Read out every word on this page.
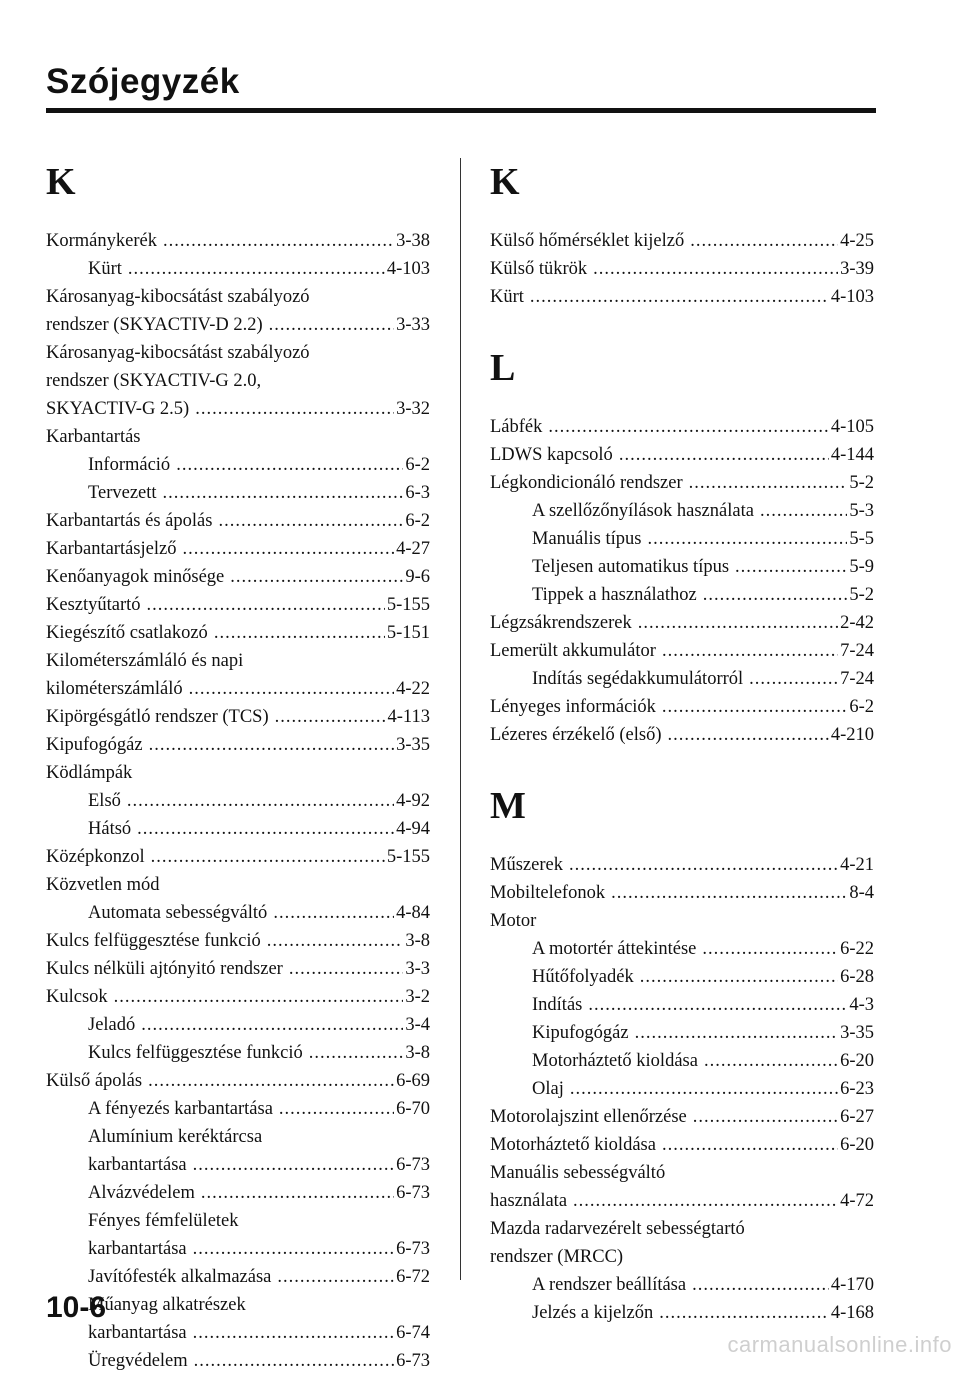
Szójegyzék
K
Kormánykerék .....	3-38
Kürt .....	4-103
Károsanyag-kibocsátást szabályozó
rendszer (SKYACTIV-D 2.2) .....	3-33
Károsanyag-kibocsátást szabályozó
rendszer (SKYACTIV-G 2.0,
SKYACTIV-G 2.5) .....	3-32
Karbantartás
Információ .....	6-2
Tervezett .....	6-3
Karbantartás és ápolás .....	6-2
Karbantartásjelző .....	4-27
Kenőanyagok minősége .....	9-6
Kesztyűtartó .....	5-155
Kiegészítő csatlakozó .....	5-151
Kilométerszámláló és napi
kilométerszámláló .....	4-22
Kipörgésgátló rendszer (TCS) .....	4-113
Kipufogógáz .....	3-35
Ködlámpák
Első .....	4-92
Hátsó .....	4-94
Középkonzol .....	5-155
Közvetlen mód
Automata sebességváltó .....	4-84
Kulcs felfüggesztése funkció .....	3-8
Kulcs nélküli ajtónyitó rendszer .....	3-3
Kulcsok .....	3-2
Jeladó .....	3-4
Kulcs felfüggesztése funkció .....	3-8
Külső ápolás .....	6-69
A fényezés karbantartása .....	6-70
Alumínium keréktárcsa
karbantartása .....	6-73
Alvázvédelem .....	6-73
Fényes fémfelületek
karbantartása .....	6-73
Javítófesték alkalmazása .....	6-72
Műanyag alkatrészek
karbantartása .....	6-74
Üregvédelem .....	6-73
K
Külső hőmérséklet kijelző .....	4-25
Külső tükrök .....	3-39
Kürt .....	4-103
L
Lábfék .....	4-105
LDWS kapcsoló .....	4-144
Légkondicionáló rendszer .....	5-2
A szellőzőnyílások használata .....	5-3
Manuális típus .....	5-5
Teljesen automatikus típus .....	5-9
Tippek a használathoz .....	5-2
Légzsákrendszerek .....	2-42
Lemerült akkumulátor .....	7-24
Indítás segédakkumulátorról .....	7-24
Lényeges információk .....	6-2
Lézeres érzékelő (első) .....	4-210
M
Műszerek .....	4-21
Mobiltelefonok .....	8-4
Motor
A motortér áttekintése .....	6-22
Hűtőfolyadék .....	6-28
Indítás .....	4-3
Kipufogógáz .....	3-35
Motorháztető kioldása .....	6-20
Olaj .....	6-23
Motorolajszint ellenőrzése .....	6-27
Motorháztető kioldása .....	6-20
Manuális sebességváltó
használata .....	4-72
Mazda radarvezérelt sebességtartó
rendszer (MRCC)
A rendszer beállítása .....	4-170
Jelzés a kijelzőn .....	4-168
10-6
carmanualsonline.info
